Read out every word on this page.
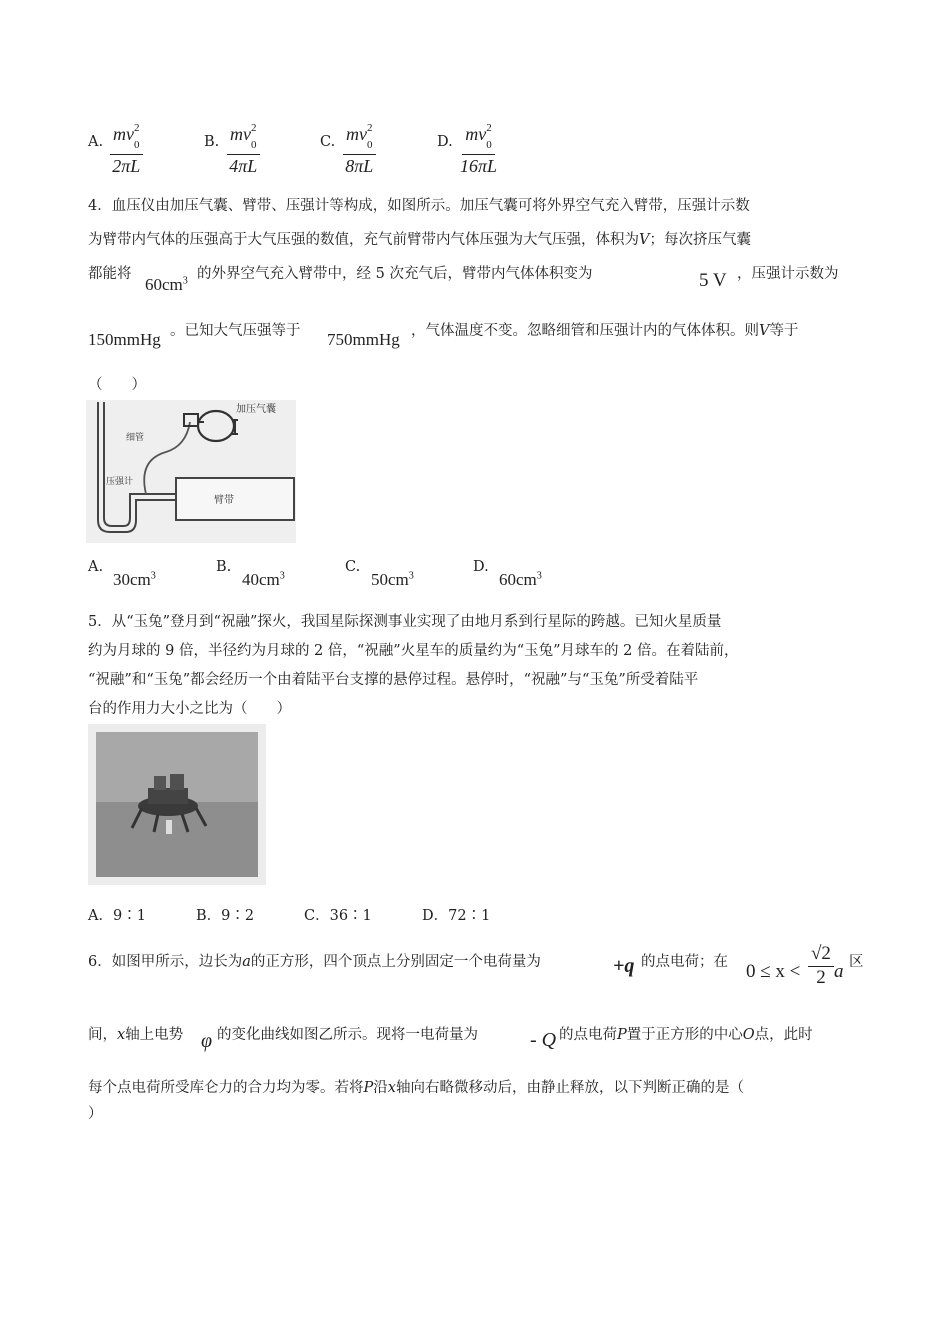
A. mv 2
$_0$
2πL	B. mv 2
$_0$
4πL	C. mv 2
$_0$
8πL	D. mv 2
$_0$
16πL
4．血压仪由加压气囊、臂带、压强计等构成，如图所示。加压气囊可将外界空气充入臂带，压强计示数
为臂带内气体的压强高于大气压强的数值，充气前臂带内气体压强为大气压强，体积为V；每次挤压气囊
都能将
$60cm^3$ 的外界空气充入臂带中，经 5 次充气后，臂带内气体体积变为	5 V ，压强计示数为
150mmHg 。已知大气压强等于 750mmHg ，气体温度不变。忽略细管和压强计内的气体体积。则V等于
（　　）
加压气囊
细管
压强计
臂带
A.
$30cm^3$
B.
$40cm^3$
C.
$50cm^3$
D.
$60cm^3$
5．从“玉兔”登月到“祝融”探火，我国星际探测事业实现了由地月系到行星际的跨越。已知火星质量
约为月球的 9 倍，半径约为月球的 2 倍，“祝融”火星车的质量约为“玉兔”月球车的 2 倍。在着陆前，
“祝融”和“玉兔”都会经历一个由着陆平台支撑的悬停过程。悬停时，“祝融”与“玉兔”所受着陆平
台的作用力大小之比为（　　）
A．9∶1	B．9∶2	C．36∶1	D．72∶1
6．如图甲所示，边长为a的正方形，四个顶点上分别固定一个电荷量为	+q 的点电荷；在 $0 \le x < \frac{√2}{2}$ a 区
间，x轴上电势 φ 的变化曲线如图乙所示。现将一电荷量为	- Q 的点电荷P置于正方形的中心O点，此时
每个点电荷所受库仑力的合力均为零。若将P沿x轴向右略微移动后，由静止释放，以下判断正确的是（
）
